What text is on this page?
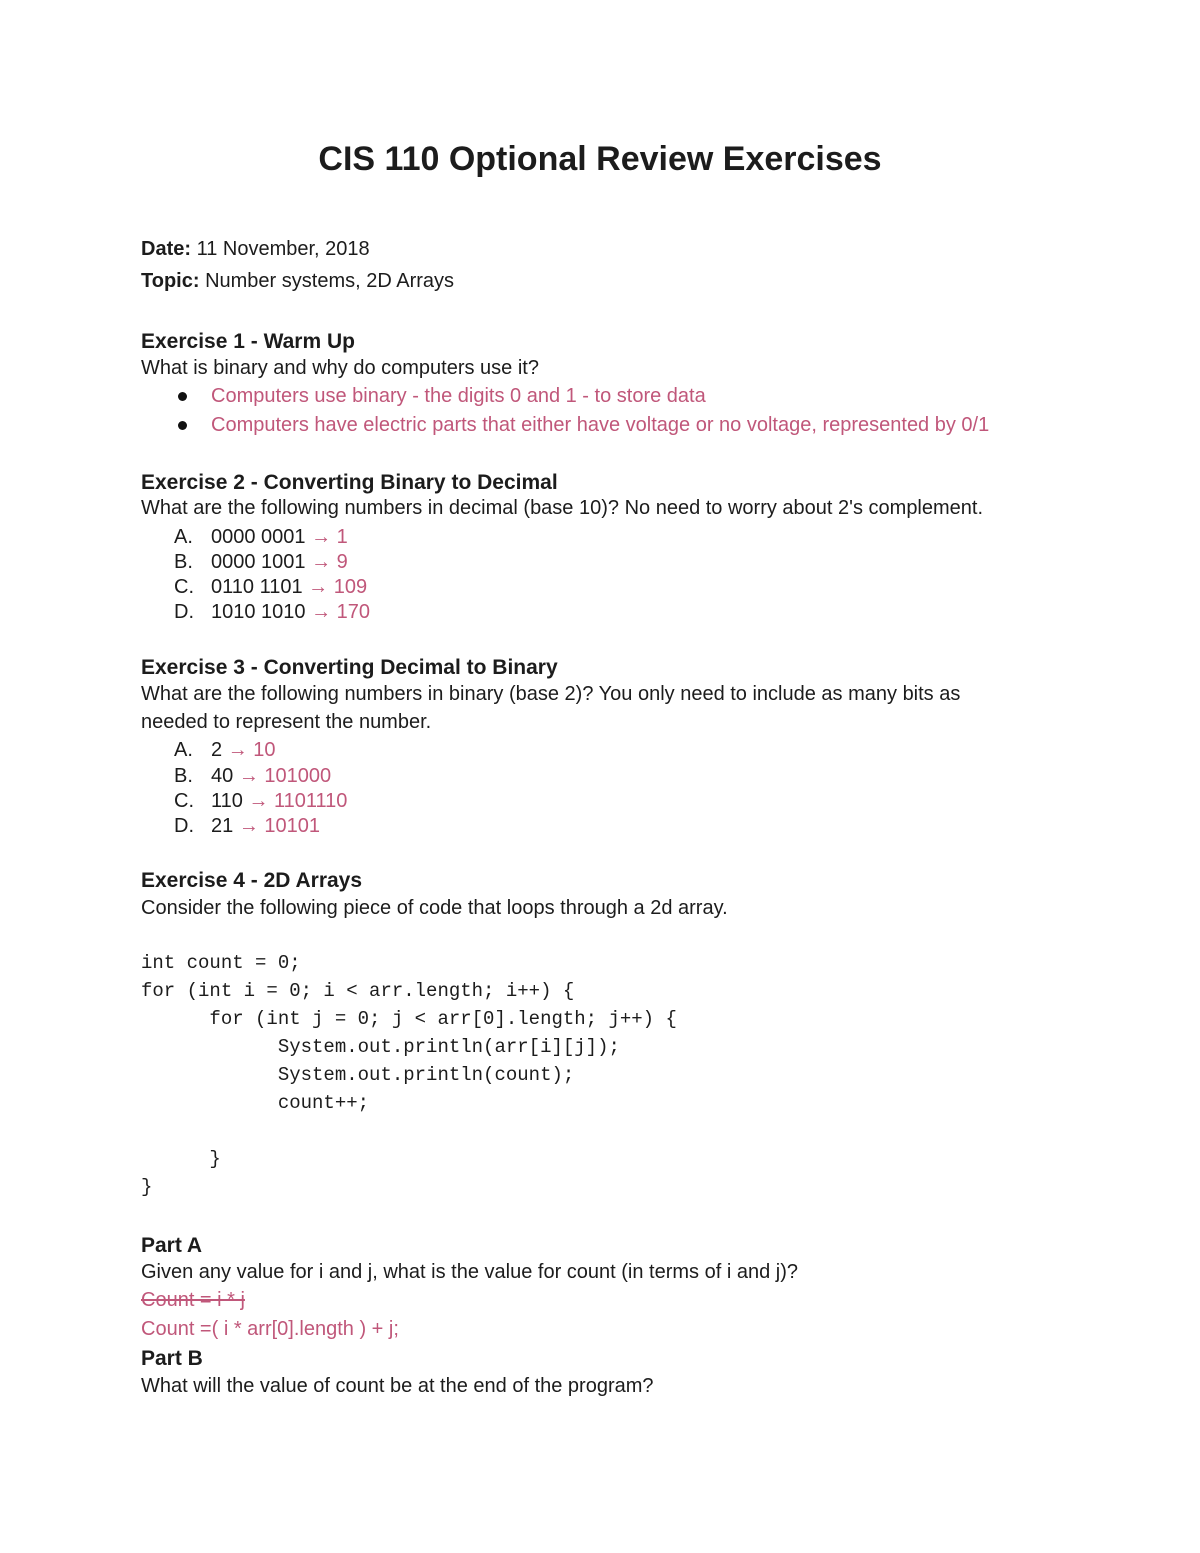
CIS 110 Optional Review Exercises
Date: 11 November, 2018
Topic: Number systems, 2D Arrays
Exercise 1 - Warm Up
What is binary and why do computers use it?
Computers use binary - the digits 0 and 1 - to store data
Computers have electric parts that either have voltage or no voltage, represented by 0/1
Exercise 2 - Converting Binary to Decimal
What are the following numbers in decimal (base 10)? No need to worry about 2's complement.
A. 0000 0001 → 1
B. 0000 1001 → 9
C. 0110 1101 → 109
D. 1010 1010 → 170
Exercise 3 - Converting Decimal to Binary
What are the following numbers in binary (base 2)? You only need to include as many bits as
needed to represent the number.
A. 2 → 10
B. 40 → 101000
C. 110 → 1101110
D. 21 → 10101
Exercise 4 - 2D Arrays
Consider the following piece of code that loops through a 2d array.
int count = 0;
for (int i = 0; i < arr.length; i++) {
for (int j = 0; j < arr[0].length; j++) {
System.out.println(arr[i][j]);
System.out.println(count);
count++;
}
}
Part A
Given any value for i and j, what is the value for count (in terms of i and j)?
Count = i * j
Count =( i * arr[0].length ) + j;
Part B
What will the value of count be at the end of the program?
